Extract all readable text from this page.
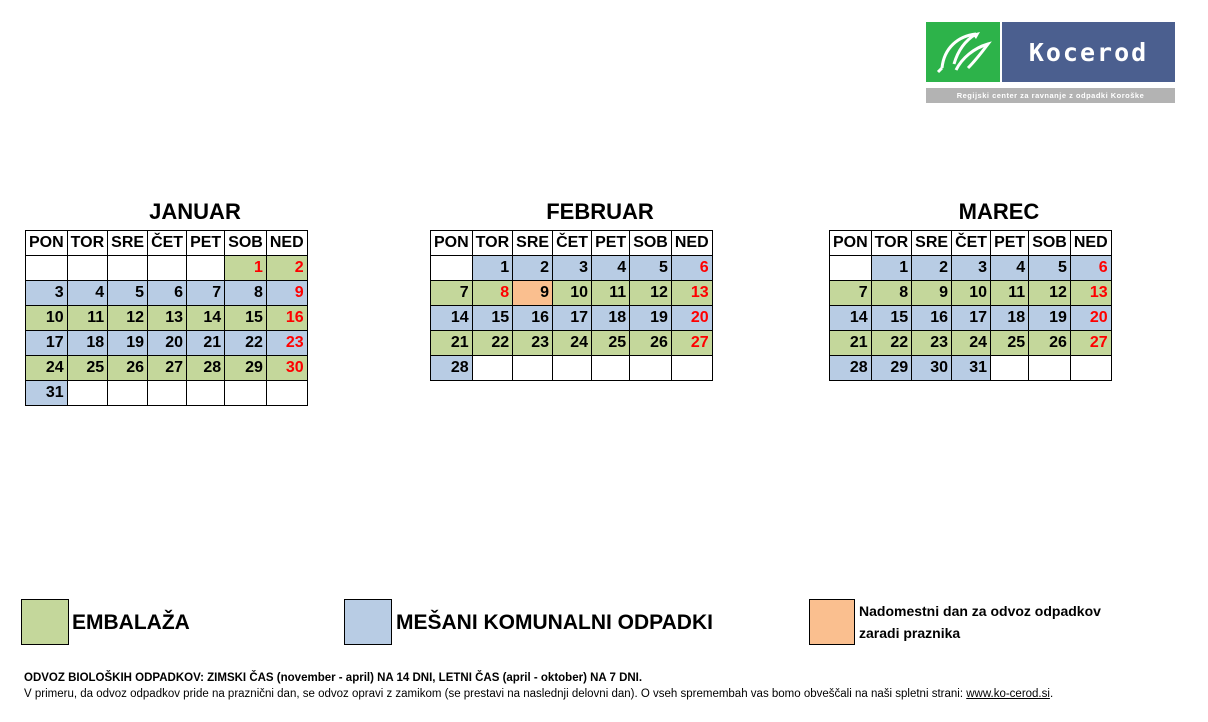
Kocerod
Regijski center za ravnanje z odpadki Koroške
JANUAR
PON	TOR	SRE	ČET	PET	SOB	NED
					1	2
3	4	5	6	7	8	9
10	11	12	13	14	15	16
17	18	19	20	21	22	23
24	25	26	27	28	29	30
31						
FEBRUAR
PON	TOR	SRE	ČET	PET	SOB	NED
	1	2	3	4	5	6
7	8	9	10	11	12	13
14	15	16	17	18	19	20
21	22	23	24	25	26	27
28						
MAREC
PON	TOR	SRE	ČET	PET	SOB	NED
	1	2	3	4	5	6
7	8	9	10	11	12	13
14	15	16	17	18	19	20
21	22	23	24	25	26	27
28	29	30	31			
EMBALAŽA	MEŠANI KOMUNALNI ODPADKI	Nadomestni dan za odvoz odpadkov
zaradi praznika
ODVOZ BIOLOŠKIH ODPADKOV: ZIMSKI ČAS (november - april) NA 14 DNI, LETNI ČAS (april - oktober) NA 7 DNI.
V primeru, da odvoz odpadkov pride na praznični dan, se odvoz opravi z zamikom (se prestavi na naslednji delovni dan). O vseh spremembah vas bomo obveščali na naši spletni strani: www.ko-cerod.si.
